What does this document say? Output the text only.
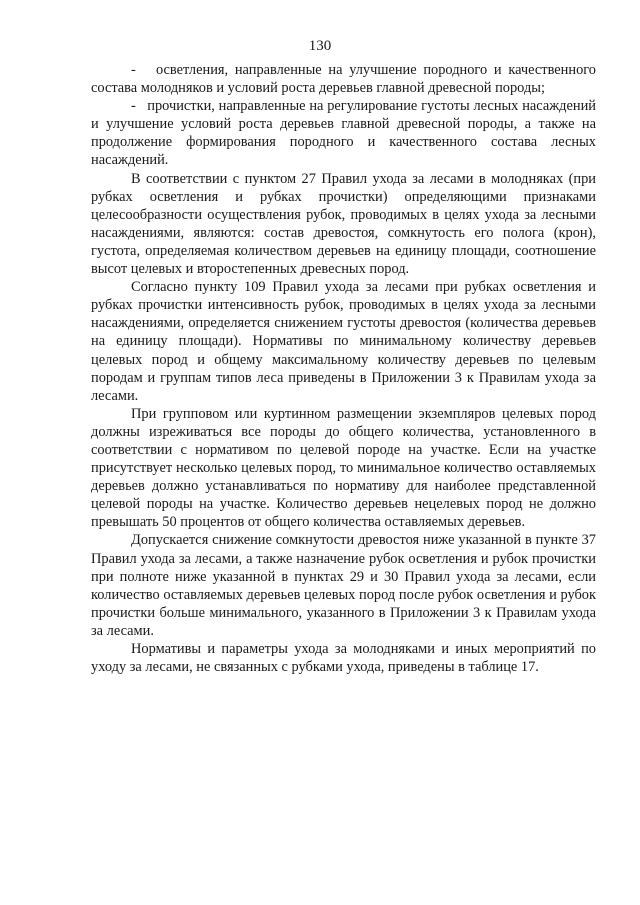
130

-   осветления, направленные на улучшение породного и качественного состава молодняков и условий роста деревьев главной древесной породы;

-   прочистки, направленные на регулирование густоты лесных насаждений и улучшение условий роста деревьев главной древесной породы, а также на продолжение формирования породного и качественного состава лесных насаждений.

В соответствии с пунктом 27 Правил ухода за лесами в молодняках (при рубках осветления и рубках прочистки) определяющими признаками целесообразности осуществления рубок, проводимых в целях ухода за лесными насаждениями, являются: состав древостоя, сомкнутость его полога (крон), густота, определяемая количеством деревьев на единицу площади, соотношение высот целевых и второстепенных древесных пород.

Согласно пункту 109 Правил ухода за лесами при рубках осветления и рубках прочистки интенсивность рубок, проводимых в целях ухода за лесными насаждениями, определяется снижением густоты древостоя (количества деревьев на единицу площади). Нормативы по минимальному количеству деревьев целевых пород и общему максимальному количеству деревьев по целевым породам и группам типов леса приведены в Приложении 3 к Правилам ухода за лесами.

При групповом или куртинном размещении экземпляров целевых пород должны изреживаться все породы до общего количества, установленного в соответствии с нормативом по целевой породе на участке. Если на участке присутствует несколько целевых пород, то минимальное количество оставляемых деревьев должно устанавливаться по нормативу для наиболее представленной целевой породы на участке. Количество деревьев нецелевых пород не должно превышать 50 процентов от общего количества оставляемых деревьев.

Допускается снижение сомкнутости древостоя ниже указанной в пункте 37 Правил ухода за лесами, а также назначение рубок осветления и рубок прочистки при полноте ниже указанной в пунктах 29 и 30 Правил ухода за лесами, если количество оставляемых деревьев целевых пород после рубок осветления и рубок прочистки больше минимального, указанного в Приложении 3 к Правилам ухода за лесами.

Нормативы и параметры ухода за молодняками и иных мероприятий по уходу за лесами, не связанных с рубками ухода, приведены в таблице 17.
